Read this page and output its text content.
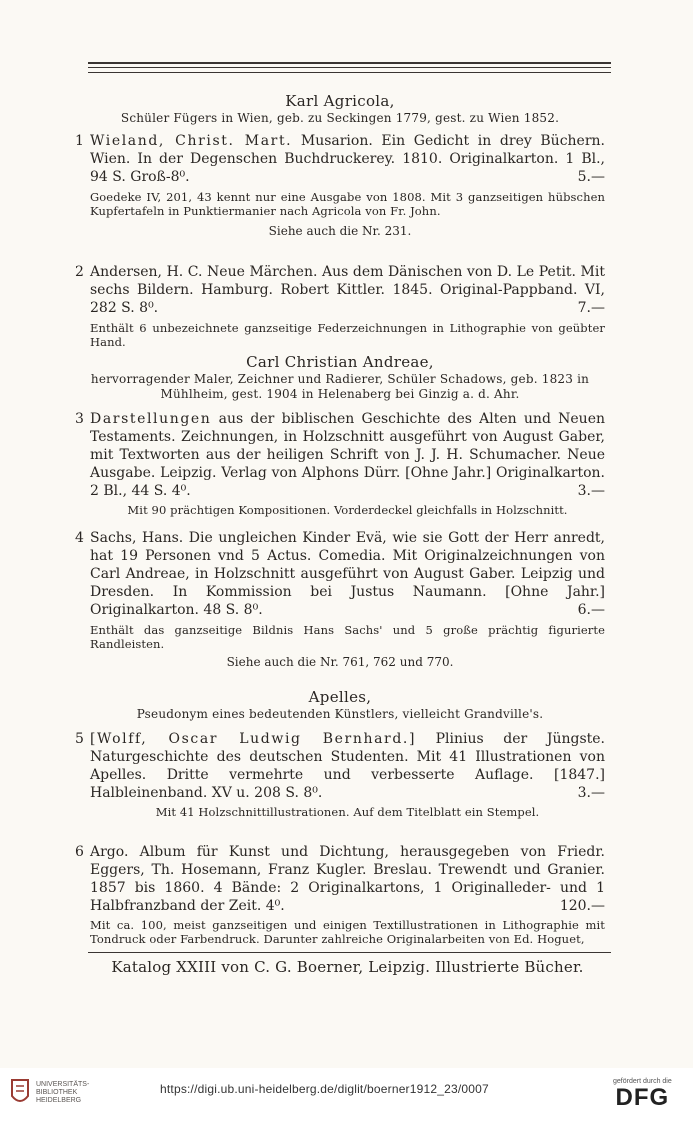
Karl Agricola,

Schüler Fügers in Wien, geb. zu Seckingen 1779, gest. zu Wien 1852.

1 Wieland, Christ. Mart. Musarion. Ein Gedicht in drey Büchern. Wien. In der Degenschen Buchdruckerey. 1810. Originalkarton. 1 Bl., 94 S. Groß-8⁰.	5.—

Goedeke IV, 201, 43 kennt nur eine Ausgabe von 1808. Mit 3 ganzseitigen hübschen Kupfertafeln in Punktiermanier nach Agricola von Fr. John.

Siehe auch die Nr. 231.

2 Andersen, H. C. Neue Märchen. Aus dem Dänischen von D. Le Petit. Mit sechs Bildern. Hamburg. Robert Kittler. 1845. Original-Pappband. VI, 282 S. 8⁰.	7.—

Enthält 6 unbezeichnete ganzseitige Federzeichnungen in Lithographie von geübter Hand.

Carl Christian Andreae,

hervorragender Maler, Zeichner und Radierer, Schüler Schadows, geb. 1823 in Mühlheim, gest. 1904 in Helenaberg bei Ginzig a. d. Ahr.

3 Darstellungen aus der biblischen Geschichte des Alten und Neuen Testaments. Zeichnungen, in Holzschnitt ausgeführt von August Gaber, mit Textworten aus der heiligen Schrift von J. J. H. Schumacher. Neue Ausgabe. Leipzig. Verlag von Alphons Dürr. [Ohne Jahr.] Originalkarton. 2 Bl., 44 S. 4⁰.	3.—

Mit 90 prächtigen Kompositionen. Vorderdeckel gleichfalls in Holzschnitt.

4 Sachs, Hans. Die ungleichen Kinder Evä, wie sie Gott der Herr anredt, hat 19 Personen vnd 5 Actus. Comedia. Mit Originalzeichnungen von Carl Andreae, in Holzschnitt ausgeführt von August Gaber. Leipzig und Dresden. In Kommission bei Justus Naumann. [Ohne Jahr.] Originalkarton. 48 S. 8⁰.	6.—

Enthält das ganzseitige Bildnis Hans Sachs' und 5 große prächtig figurierte Randleisten.

Siehe auch die Nr. 761, 762 und 770.

Apelles,

Pseudonym eines bedeutenden Künstlers, vielleicht Grandville's.

5 [Wolff, Oscar Ludwig Bernhard.] Plinius der Jüngste. Naturgeschichte des deutschen Studenten. Mit 41 Illustrationen von Apelles. Dritte vermehrte und verbesserte Auflage. [1847.] Halbleinenband. XV u. 208 S. 8⁰.	3.—

Mit 41 Holzschnittillustrationen. Auf dem Titelblatt ein Stempel.

6 Argo. Album für Kunst und Dichtung, herausgegeben von Friedr. Eggers, Th. Hosemann, Franz Kugler. Breslau. Trewendt und Granier. 1857 bis 1860. 4 Bände: 2 Originalkartons, 1 Originalleder- und 1 Halbfranzband der Zeit. 4⁰.	120.—

Mit ca. 100, meist ganzseitigen und einigen Textillustrationen in Lithographie mit Tondruck oder Farbendruck. Darunter zahlreiche Originalarbeiten von Ed. Hoguet,

Katalog XXIII von C. G. Boerner, Leipzig. Illustrierte Bücher.
UNIVERSITÄTS-
BIBLIOTHEK
HEIDELBERG
https://digi.ub.uni-heidelberg.de/diglit/boerner1912_23/0007
gefördert durch die
DFG
